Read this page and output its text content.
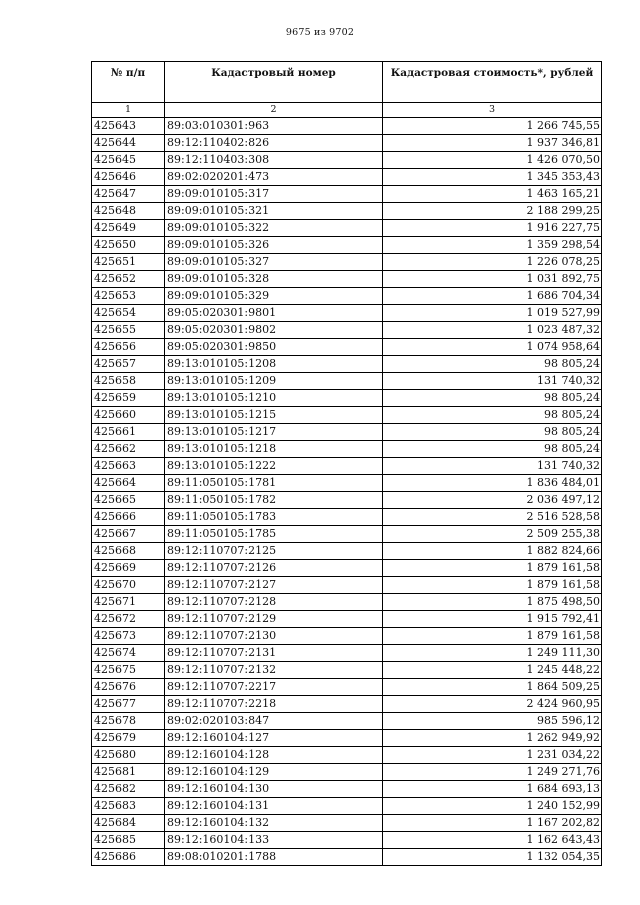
9675 из 9702
№ п/п	Кадастровый номер	Кадастровая стоимость*, рублей
1	2	3
425643	89:03:010301:963	1 266 745,55
425644	89:12:110402:826	1 937 346,81
425645	89:12:110403:308	1 426 070,50
425646	89:02:020201:473	1 345 353,43
425647	89:09:010105:317	1 463 165,21
425648	89:09:010105:321	2 188 299,25
425649	89:09:010105:322	1 916 227,75
425650	89:09:010105:326	1 359 298,54
425651	89:09:010105:327	1 226 078,25
425652	89:09:010105:328	1 031 892,75
425653	89:09:010105:329	1 686 704,34
425654	89:05:020301:9801	1 019 527,99
425655	89:05:020301:9802	1 023 487,32
425656	89:05:020301:9850	1 074 958,64
425657	89:13:010105:1208	98 805,24
425658	89:13:010105:1209	131 740,32
425659	89:13:010105:1210	98 805,24
425660	89:13:010105:1215	98 805,24
425661	89:13:010105:1217	98 805,24
425662	89:13:010105:1218	98 805,24
425663	89:13:010105:1222	131 740,32
425664	89:11:050105:1781	1 836 484,01
425665	89:11:050105:1782	2 036 497,12
425666	89:11:050105:1783	2 516 528,58
425667	89:11:050105:1785	2 509 255,38
425668	89:12:110707:2125	1 882 824,66
425669	89:12:110707:2126	1 879 161,58
425670	89:12:110707:2127	1 879 161,58
425671	89:12:110707:2128	1 875 498,50
425672	89:12:110707:2129	1 915 792,41
425673	89:12:110707:2130	1 879 161,58
425674	89:12:110707:2131	1 249 111,30
425675	89:12:110707:2132	1 245 448,22
425676	89:12:110707:2217	1 864 509,25
425677	89:12:110707:2218	2 424 960,95
425678	89:02:020103:847	985 596,12
425679	89:12:160104:127	1 262 949,92
425680	89:12:160104:128	1 231 034,22
425681	89:12:160104:129	1 249 271,76
425682	89:12:160104:130	1 684 693,13
425683	89:12:160104:131	1 240 152,99
425684	89:12:160104:132	1 167 202,82
425685	89:12:160104:133	1 162 643,43
425686	89:08:010201:1788	1 132 054,35
